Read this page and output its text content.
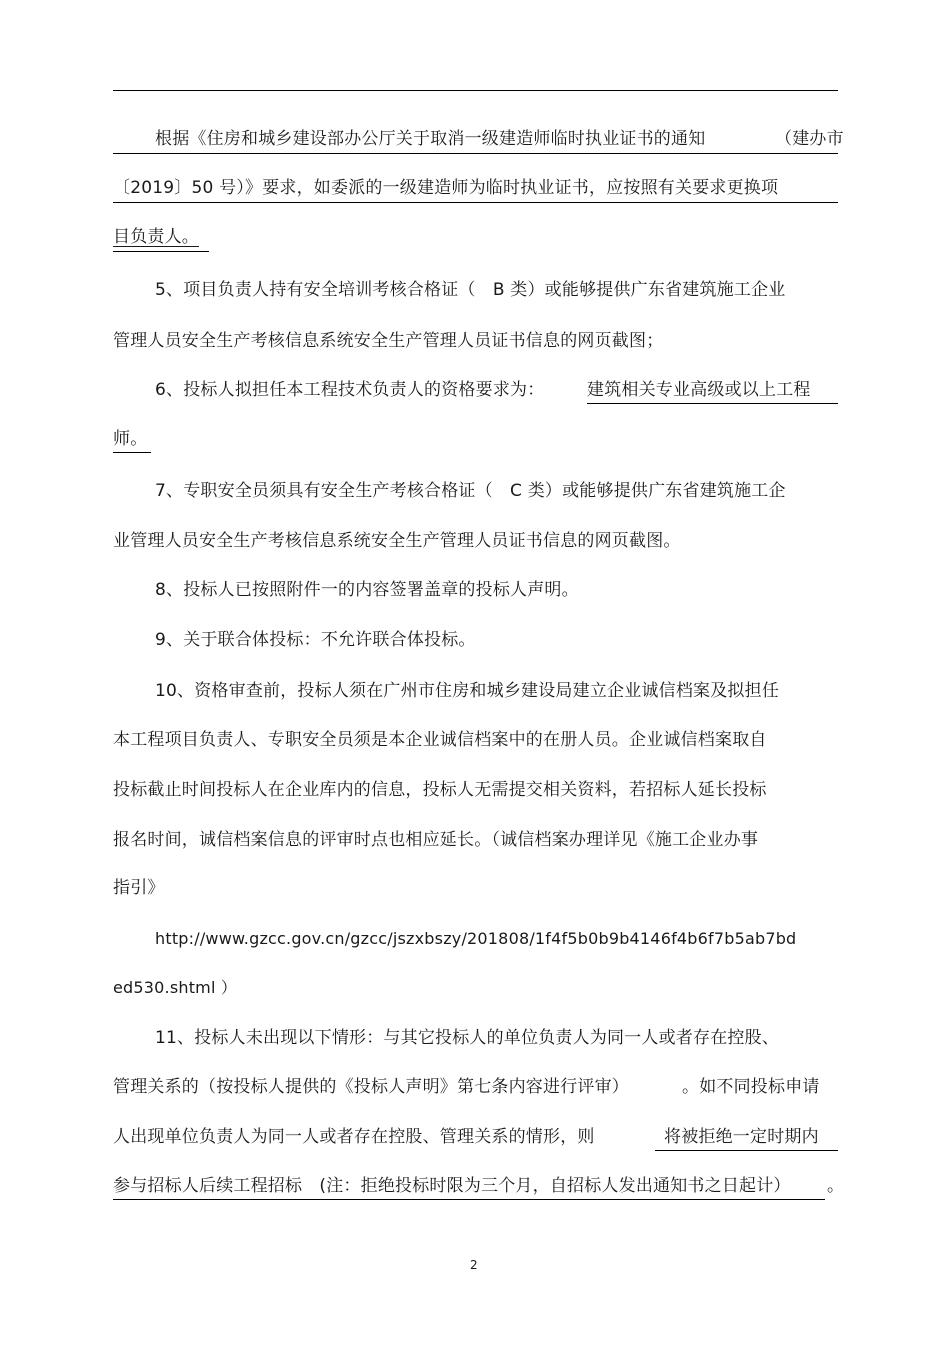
根据《住房和城乡建设部办公厅关于取消一级建造师临时执业证书的通知	（建办市
〔2019〕50 号）》要求，如委派的一级建造师为临时执业证书，应按照有关要求更换项
目负责人。
5、项目负责人持有安全培训考核合格证（　B 类）或能够提供广东省建筑施工企业
管理人员安全生产考核信息系统安全生产管理人员证书信息的网页截图；
6、投标人拟担任本工程技术负责人的资格要求为：	建筑相关专业高级或以上工程
师。
7、专职安全员须具有安全生产考核合格证（　C 类）或能够提供广东省建筑施工企
业管理人员安全生产考核信息系统安全生产管理人员证书信息的网页截图。
8、投标人已按照附件一的内容签署盖章的投标人声明。
9、关于联合体投标：不允许联合体投标。
10、资格审查前，投标人须在广州市住房和城乡建设局建立企业诚信档案及拟担任
本工程项目负责人、专职安全员须是本企业诚信档案中的在册人员。企业诚信档案取自
投标截止时间投标人在企业库内的信息，投标人无需提交相关资料，若招标人延长投标
报名时间，诚信档案信息的评审时点也相应延长。（诚信档案办理详见《施工企业办事
指引》
http://www.gzcc.gov.cn/gzcc/jszxbszy/201808/1f4f5b0b9b4146f4b6f7b5ab7bd
ed530.shtml ）
11、投标人未出现以下情形：与其它投标人的单位负责人为同一人或者存在控股、
管理关系的（按投标人提供的《投标人声明》第七条内容进行评审）	。如不同投标申请
人出现单位负责人为同一人或者存在控股、管理关系的情形，则	将被拒绝一定时期内
参与招标人后续工程招标　(注：拒绝投标时限为三个月，自招标人发出通知书之日起计） 。
2
